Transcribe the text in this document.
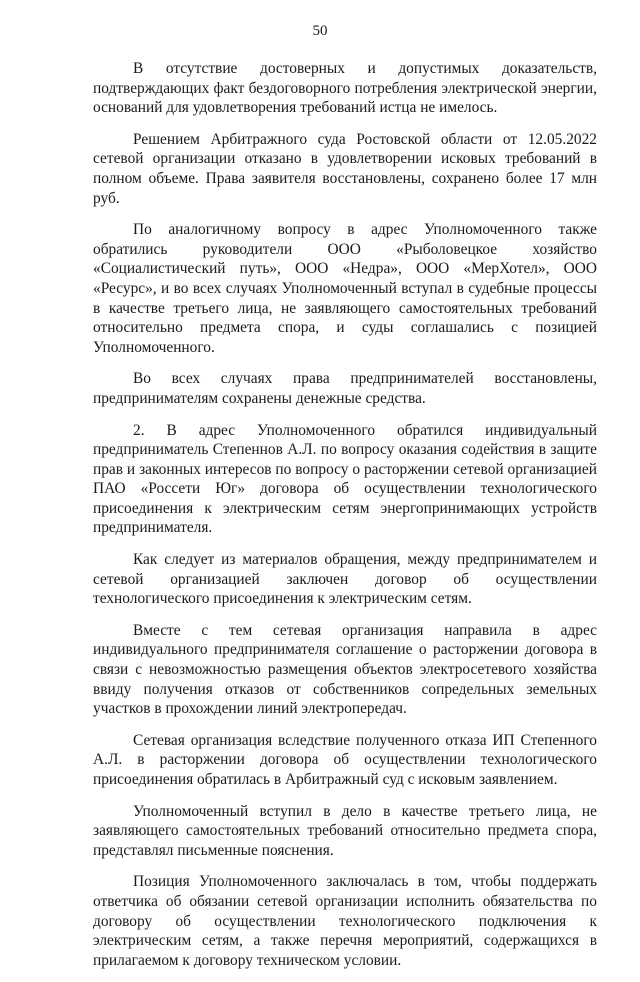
50

В отсутствие достоверных и допустимых доказательств, подтверждающих факт бездоговорного потребления электрической энергии, оснований для удовлетворения требований истца не имелось.

Решением Арбитражного суда Ростовской области от 12.05.2022 сетевой организации отказано в удовлетворении исковых требований в полном объеме. Права заявителя восстановлены, сохранено более 17 млн руб.

По аналогичному вопросу в адрес Уполномоченного также обратились руководители ООО «Рыболовецкое хозяйство «Социалистический путь», ООО «Недра», ООО «МерХотел», ООО «Ресурс», и во всех случаях Уполномоченный вступал в судебные процессы в качестве третьего лица, не заявляющего самостоятельных требований относительно предмета спора, и суды соглашались с позицией Уполномоченного.

Во всех случаях права предпринимателей восстановлены, предпринимателям сохранены денежные средства.

2. В адрес Уполномоченного обратился индивидуальный предприниматель Степеннов А.Л. по вопросу оказания содействия в защите прав и законных интересов по вопросу о расторжении сетевой организацией ПАО «Россети Юг» договора об осуществлении технологического присоединения к электрическим сетям энергопринимающих устройств предпринимателя.

Как следует из материалов обращения, между предпринимателем и сетевой организацией заключен договор об осуществлении технологического присоединения к электрическим сетям.

Вместе с тем сетевая организация направила в адрес индивидуального предпринимателя соглашение о расторжении договора в связи с невозможностью размещения объектов электросетевого хозяйства ввиду получения отказов от собственников сопредельных земельных участков в прохождении линий электропередач.

Сетевая организация вследствие полученного отказа ИП Степенного А.Л. в расторжении договора об осуществлении технологического присоединения обратилась в Арбитражный суд с исковым заявлением.

Уполномоченный вступил в дело в качестве третьего лица, не заявляющего самостоятельных требований относительно предмета спора, представлял письменные пояснения.

Позиция Уполномоченного заключалась в том, чтобы поддержать ответчика об обязании сетевой организации исполнить обязательства по договору об осуществлении технологического подключения к электрическим сетям, а также перечня мероприятий, содержащихся в прилагаемом к договору техническом условии.
